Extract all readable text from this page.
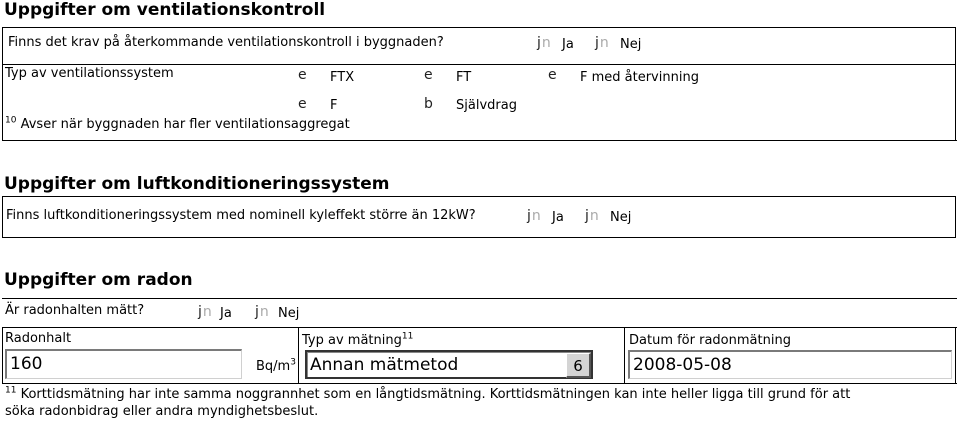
Uppgifter om ventilationskontroll
Finns det krav på återkommande ventilationskontroll i byggnaden?	jn Ja jn Nej
Typ av ventilationssystem	e FTX	e FT	e F med återvinning
e F	b Självdrag
$^{10}$ Avser när byggnaden har fler ventilationsaggregat
Uppgifter om luftkonditioneringssystem
Finns luftkonditioneringssystem med nominell kyleffekt större än 12kW?	jn Ja jn Nej
Uppgifter om radon
Är radonhalten mätt?	jn Ja jn Nej
Radonhalt
160	$Bq/m^3$
Typ av mätning$^{11}$
Annan mätmetod	6
Datum för radonmätning
2008-05-08
$^{11}$ Korttidsmätning har inte samma noggrannhet som en långtidsmätning. Korttidsmätningen kan inte heller ligga till grund för att
söka radonbidrag eller andra myndighetsbeslut.
